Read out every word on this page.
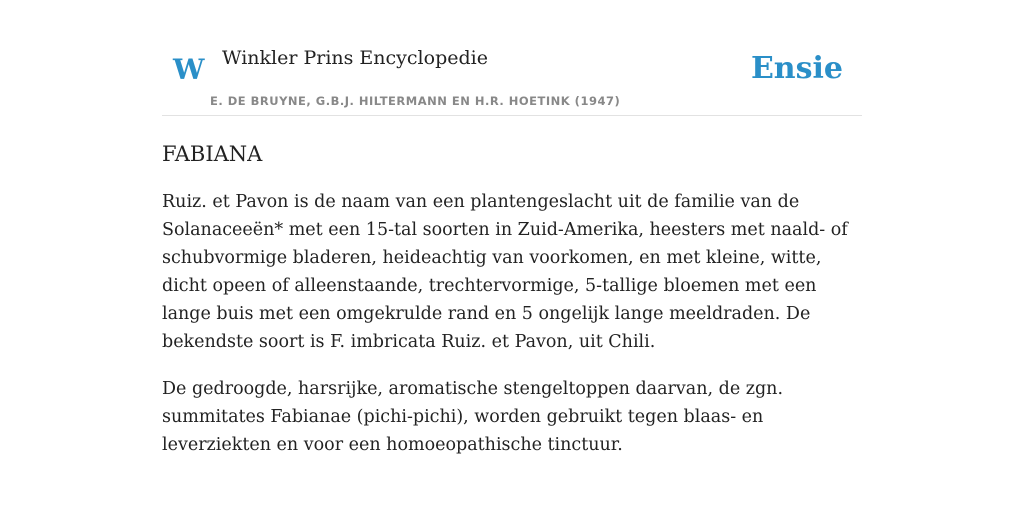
W Winkler Prins Encyclopedie
E. DE BRUYNE, G.B.J. HILTERMANN EN H.R. HOETINK (1947)
Ensie
FABIANA

Ruiz. et Pavon is de naam van een plantengeslacht uit de familie van de Solanaceeën* met een 15-tal soorten in Zuid-Amerika, heesters met naald- of schubvormige bladeren, heideachtig van voorkomen, en met kleine, witte, dicht opeen of alleenstaande, trechtervormige, 5-tallige bloemen met een lange buis met een omgekrulde rand en 5 ongelijk lange meeldraden. De bekendste soort is F. imbricata Ruiz. et Pavon, uit Chili.

De gedroogde, harsrijke, aromatische stengeltoppen daarvan, de zgn. summitates Fabianae (pichi-pichi), worden gebruikt tegen blaas- en leverziekten en voor een homoeopathische tinctuur.
